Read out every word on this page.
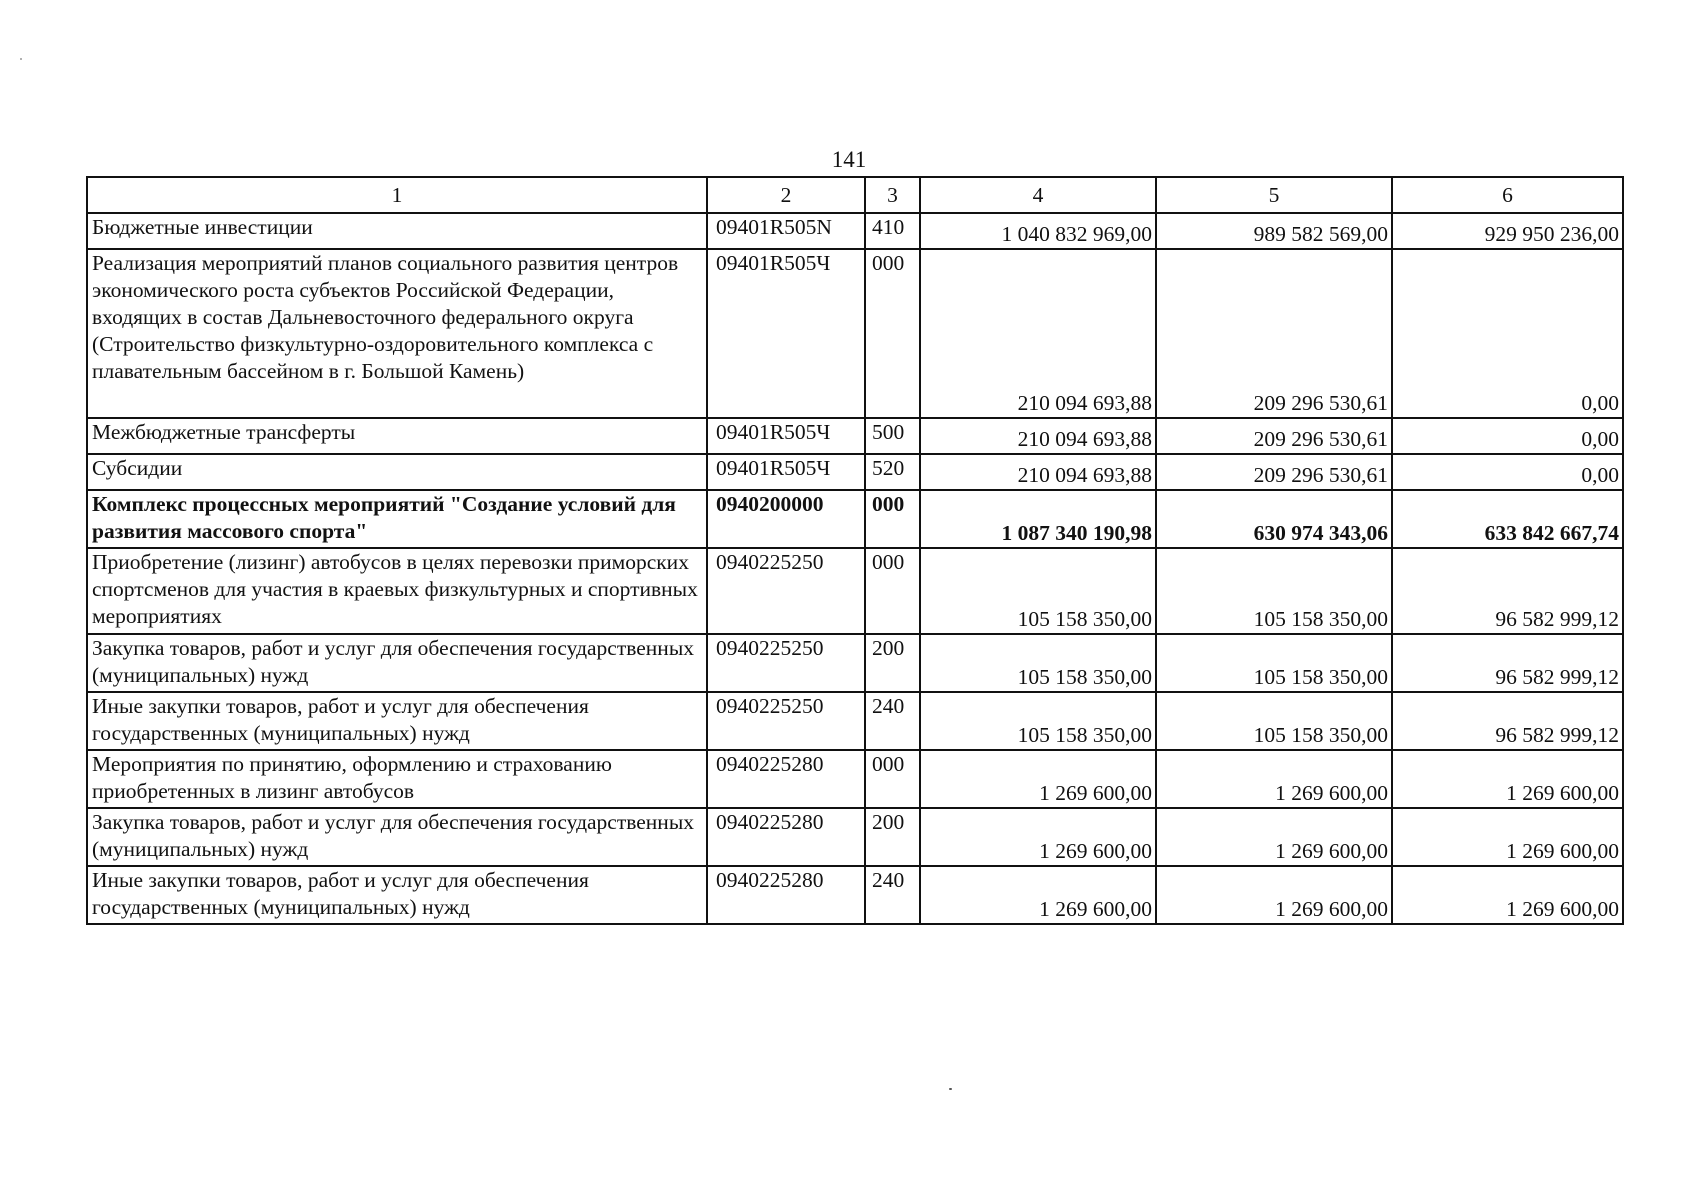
141
1	2	3	4	5	6
Бюджетные инвестиции	09401R505N	410	1 040 832 969,00	989 582 569,00	929 950 236,00
Реализация мероприятий планов социального развития центров экономического роста субъектов Российской Федерации, входящих в состав Дальневосточного федерального округа (Строительство физкультурно-оздоровительного комплекса с плавательным бассейном в г. Большой Камень)	09401R505Ч	000	210 094 693,88	209 296 530,61	0,00
Межбюджетные трансферты	09401R505Ч	500	210 094 693,88	209 296 530,61	0,00
Субсидии	09401R505Ч	520	210 094 693,88	209 296 530,61	0,00
Комплекс процессных мероприятий "Создание условий для развития массового спорта"	0940200000	000	1 087 340 190,98	630 974 343,06	633 842 667,74
Приобретение (лизинг) автобусов в целях перевозки приморских спортсменов для участия в краевых физкультурных и спортивных мероприятиях	0940225250	000	105 158 350,00	105 158 350,00	96 582 999,12
Закупка товаров, работ и услуг для обеспечения государственных (муниципальных) нужд	0940225250	200	105 158 350,00	105 158 350,00	96 582 999,12
Иные закупки товаров, работ и услуг для обеспечения государственных (муниципальных) нужд	0940225250	240	105 158 350,00	105 158 350,00	96 582 999,12
Мероприятия по принятию, оформлению и страхованию приобретенных в лизинг автобусов	0940225280	000	1 269 600,00	1 269 600,00	1 269 600,00
Закупка товаров, работ и услуг для обеспечения государственных (муниципальных) нужд	0940225280	200	1 269 600,00	1 269 600,00	1 269 600,00
Иные закупки товаров, работ и услуг для обеспечения государственных (муниципальных) нужд	0940225280	240	1 269 600,00	1 269 600,00	1 269 600,00
